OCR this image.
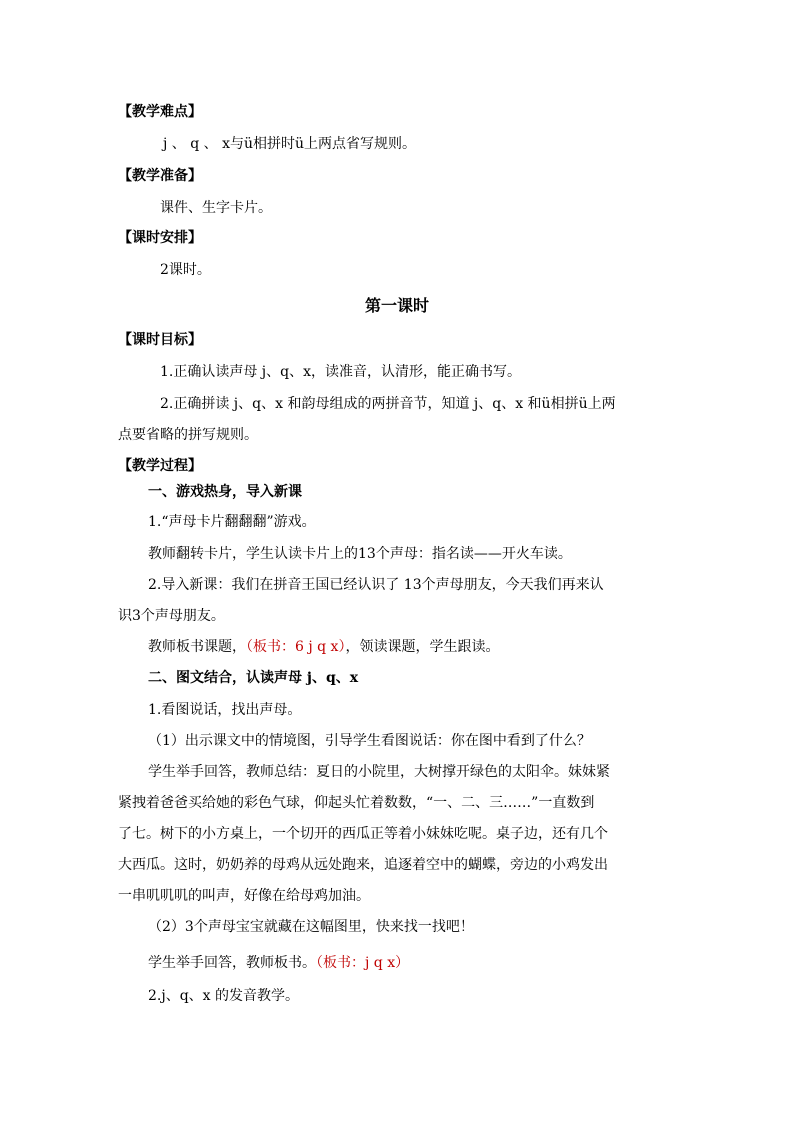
【教学难点】
j 、 q 、 x与ü相拼时ü上两点省写规则。
【教学准备】
课件、生字卡片。
【课时安排】
2课时。
第一课时
【课时目标】
1.正确认读声母 j、q、x，读准音，认清形，能正确书写。
2.正确拼读 j、q、x 和韵母组成的两拼音节，知道 j、q、x 和ü相拼ü上两
点要省略的拼写规则。
【教学过程】
一、游戏热身，导入新课
1.“声母卡片翻翻翻”游戏。
教师翻转卡片，学生认读卡片上的13个声母：指名读——开火车读。
2.导入新课：我们在拼音王国已经认识了 13个声母朋友，今天我们再来认
识3个声母朋友。
教师板书课题，（板书：6 j q x），领读课题，学生跟读。
二、图文结合，认读声母 j、q、x
1.看图说话，找出声母。
（1）出示课文中的情境图，引导学生看图说话：你在图中看到了什么？
学生举手回答，教师总结：夏日的小院里，大树撑开绿色的太阳伞。妹妹紧
紧拽着爸爸买给她的彩色气球，仰起头忙着数数，“一、二、三……”一直数到
了七。树下的小方桌上，一个切开的西瓜正等着小妹妹吃呢。桌子边，还有几个
大西瓜。这时，奶奶养的母鸡从远处跑来，追逐着空中的蝴蝶，旁边的小鸡发出
一串叽叽叽的叫声，好像在给母鸡加油。
（2）3个声母宝宝就藏在这幅图里，快来找一找吧！
学生举手回答，教师板书。（板书：j q x）
2.j、q、x 的发音教学。
